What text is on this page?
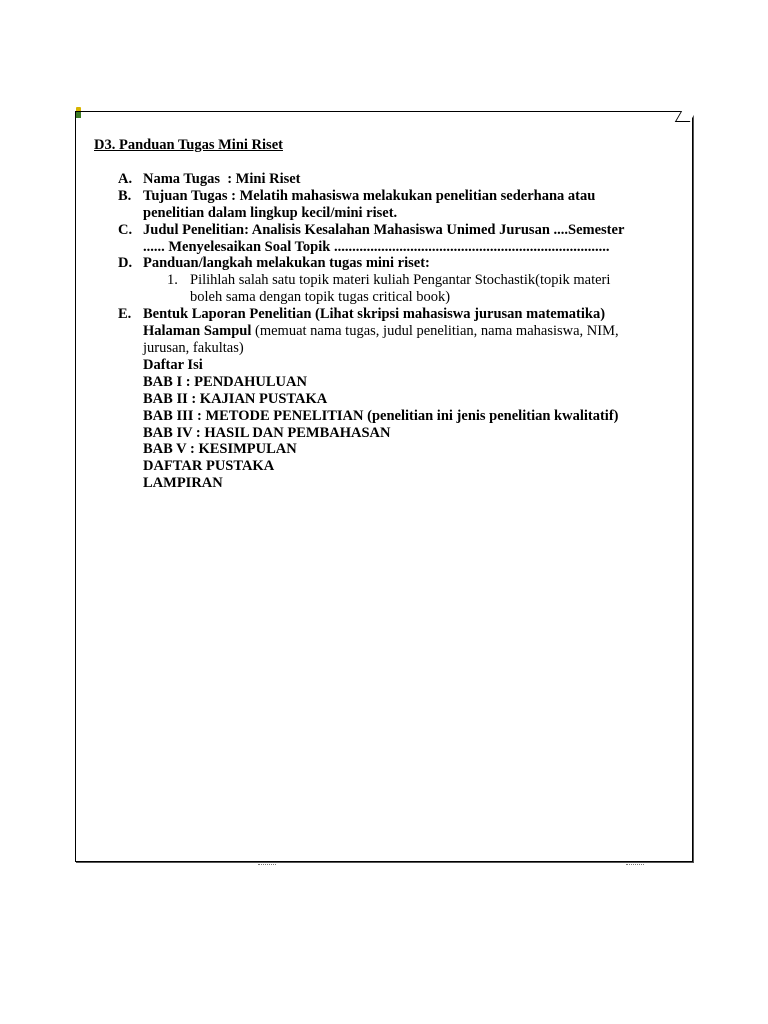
D3. Panduan Tugas Mini Riset
A. Nama Tugas  : Mini Riset
B. Tujuan Tugas : Melatih mahasiswa melakukan penelitian sederhana atau
penelitian dalam lingkup kecil/mini riset.
C. Judul Penelitian: Analisis Kesalahan Mahasiswa Unimed Jurusan ....Semester
...... Menyelesaikan Soal Topik ............................................................................
D. Panduan/langkah melakukan tugas mini riset:
1. Pilihlah salah satu topik materi kuliah Pengantar Stochastik(topik materi
boleh sama dengan topik tugas critical book)
E. Bentuk Laporan Penelitian (Lihat skripsi mahasiswa jurusan matematika)
Halaman Sampul (memuat nama tugas, judul penelitian, nama mahasiswa, NIM,
jurusan, fakultas)
Daftar Isi
BAB I : PENDAHULUAN
BAB II : KAJIAN PUSTAKA
BAB III : METODE PENELITIAN (penelitian ini jenis penelitian kwalitatif)
BAB IV : HASIL DAN PEMBAHASAN
BAB V : KESIMPULAN
DAFTAR PUSTAKA
LAMPIRAN
